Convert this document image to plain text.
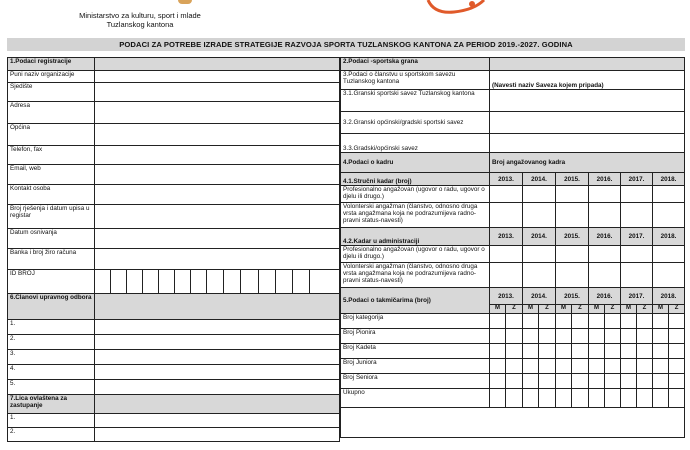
Ministarstvo za kulturu, sport i mlade
Tuzlanskog kantona
PODACI ZA POTREBE IZRADE STRATEGIJE RAZVOJA SPORTA TUZLANSKOG KANTONA ZA PERIOD 2019.-2027. GODINA
1.Podaci registracije														
Puni naziv organizacije														
Sjedište														
Adresa														
Općina														
Telefon, fax														
Email, web														
Kontakt osoba														
Broj rješenja i datum upisa u registar														
Datum osnivanja														
Banka i broj žiro računa														
ID BROJ														
6.Članovi upravnog odbora														
1.														
2.														
3.														
4.														
5.														
7.Lica ovlaštena za zastupanje														
1.														
2.														
2.Podaci -sportska grana												
3.Podaci o članstvu u sportskom savezu Tuzlanskog kantona	(Navesti naziv Saveza kojem pripada)											
3.1.Granski sportski savez Tuzlanskog kantona												
3.2.Granski općinski/gradski sportski savez												
3.3.Gradski/općinski savez												
4.Podaci o kadru	Broj angažovanog kadra											
4.1.Stručni kadar (broj)	2013.		2014.		2015.		2016.		2017.		2018.	
Profesionalno angažovan (ugovor o radu, ugovor o djelu ili drugo.)												
Volonterski angažman (članstvo, odnosno druga vrsta angažmana koja ne podrazumijeva radno-pravni status-navesti)												
4.2.Kadar u administraciji	2013.		2014.		2015.		2016.		2017.		2018.	
Profesionalno angažovan (ugovor o radu, ugovor o djelu ili drugo.)												
Volonterski angažman (članstvo, odnosno druga vrsta angažmana koja ne podrazumijeva radno-pravni status-navesti)												
5.Podaci o takmičarima (broj)	2013.		2014.		2015.		2016.		2017.		2018.	
	M	Ž	M	Ž	M	Ž	M	Ž	M	Ž	M	Ž
Broj kategorija												
Broj Pionira												
Broj Kadeta												
Broj Juniora												
Broj Seniora												
Ukupno												
